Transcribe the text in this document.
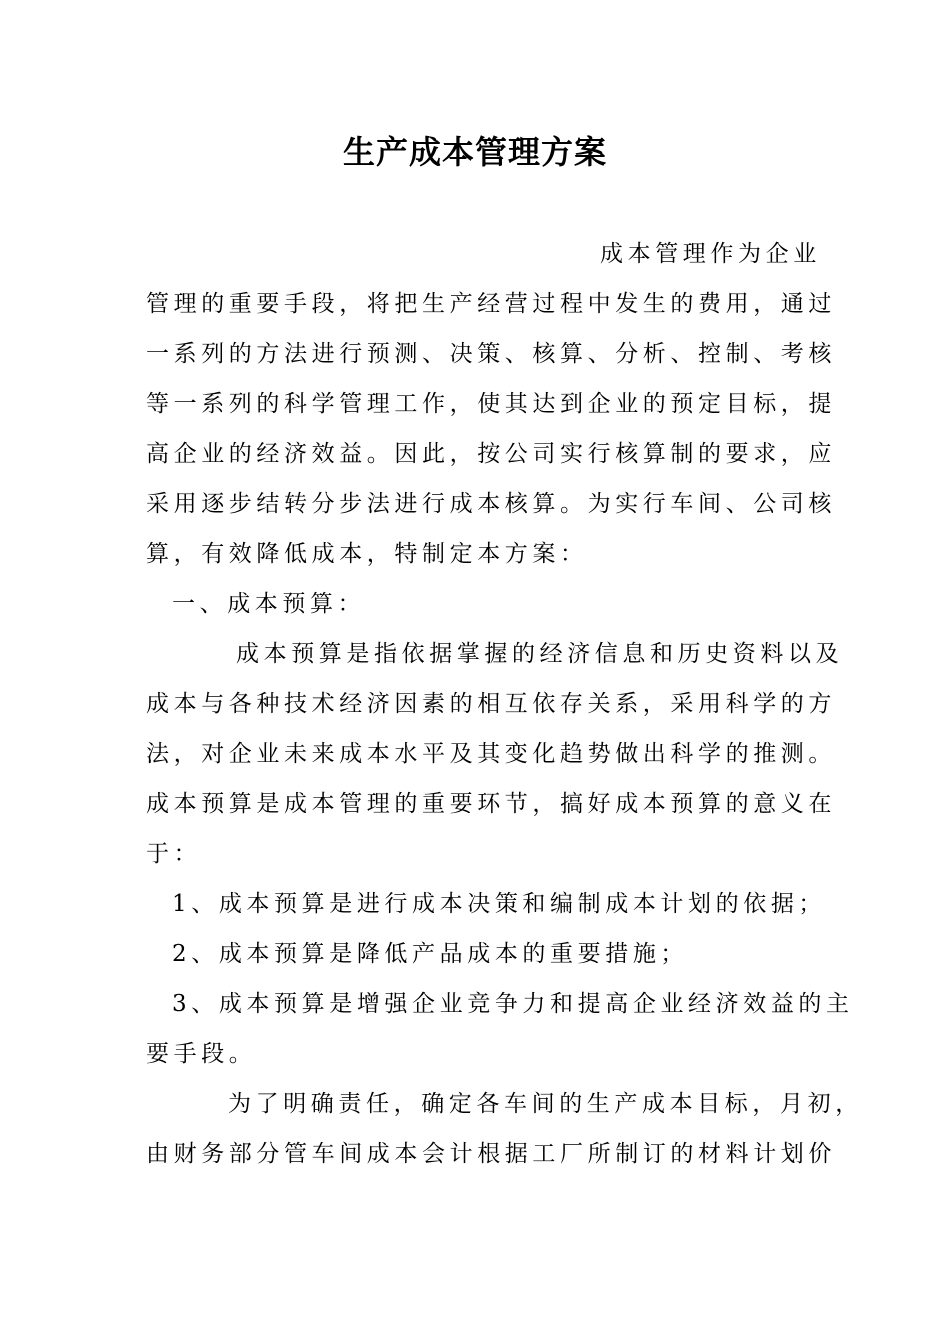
生产成本管理方案
成本管理作为企业
管理的重要手段，将把生产经营过程中发生的费用，通过
一系列的方法进行预测、决策、核算、分析、控制、考核
等一系列的科学管理工作，使其达到企业的预定目标，提
高企业的经济效益。因此，按公司实行核算制的要求，应
采用逐步结转分步法进行成本核算。为实行车间、公司核
算，有效降低成本，特制定本方案：
一、成本预算：
成本预算是指依据掌握的经济信息和历史资料以及
成本与各种技术经济因素的相互依存关系，采用科学的方
法，对企业未来成本水平及其变化趋势做出科学的推测。
成本预算是成本管理的重要环节，搞好成本预算的意义在
于：
1、成本预算是进行成本决策和编制成本计划的依据；
2、成本预算是降低产品成本的重要措施；
3、成本预算是增强企业竞争力和提高企业经济效益的主
要手段。
为了明确责任，确定各车间的生产成本目标，月初，
由财务部分管车间成本会计根据工厂所制订的材料计划价
